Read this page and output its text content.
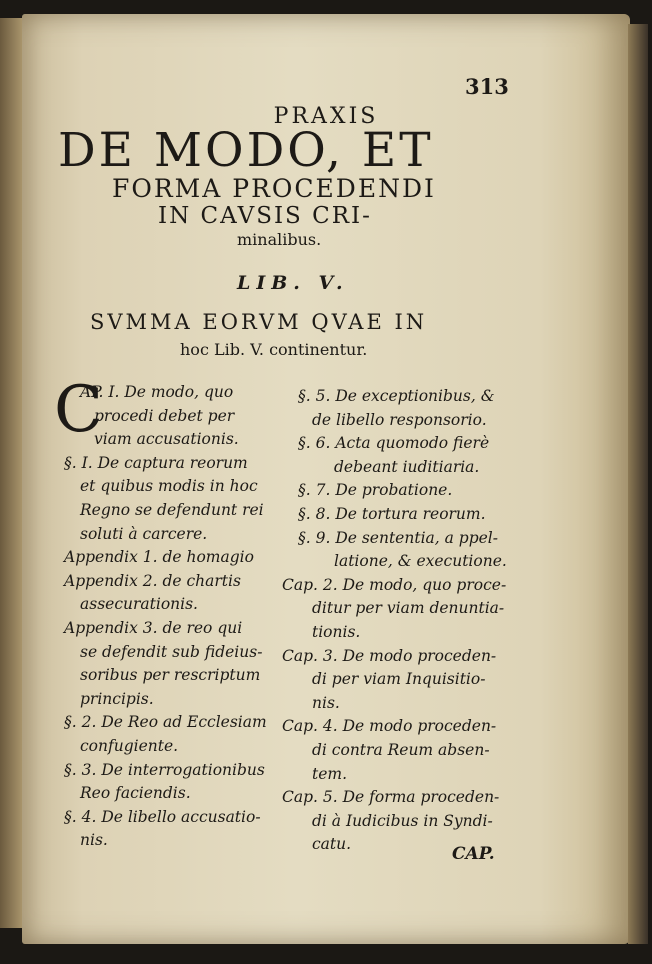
313
PRAXIS
DE MODO, ET
FORMA PROCEDENDI
IN CAVSIS CRI-
minalibus.
LIB. V.
SVMMA EORVM QVAE IN
hoc Lib. V. continentur.
C
AP. I. De modo, quo
procedi debet per
viam accusationis.
§. I. De captura reorum
et quibus modis in hoc
Regno se defendunt rei
soluti à carcere.
Appendix 1. de homagio
Appendix 2. de chartis
assecurationis.
Appendix 3. de reo qui
se defendit sub fideius-
soribus per rescriptum
principis.
§. 2. De Reo ad Ecclesiam
confugiente.
§. 3. De interrogationibus
Reo faciendis.
§. 4. De libello accusatio-
nis.
§. 5. De exceptionibus, &
de libello responsorio.
§. 6. Acta quomodo fierè
debeant iuditiaria.
§. 7. De probatione.
§. 8. De tortura reorum.
§. 9. De sententia, a ppel-
latione, & executione.
Cap. 2. De modo, quo proce-
ditur per viam denuntia-
tionis.
Cap. 3. De modo proceden-
di per viam Inquisitio-
nis.
Cap. 4. De modo proceden-
di contra Reum absen-
tem.
Cap. 5. De forma proceden-
di à Iudicibus in Syndi-
catu.	CAP.
